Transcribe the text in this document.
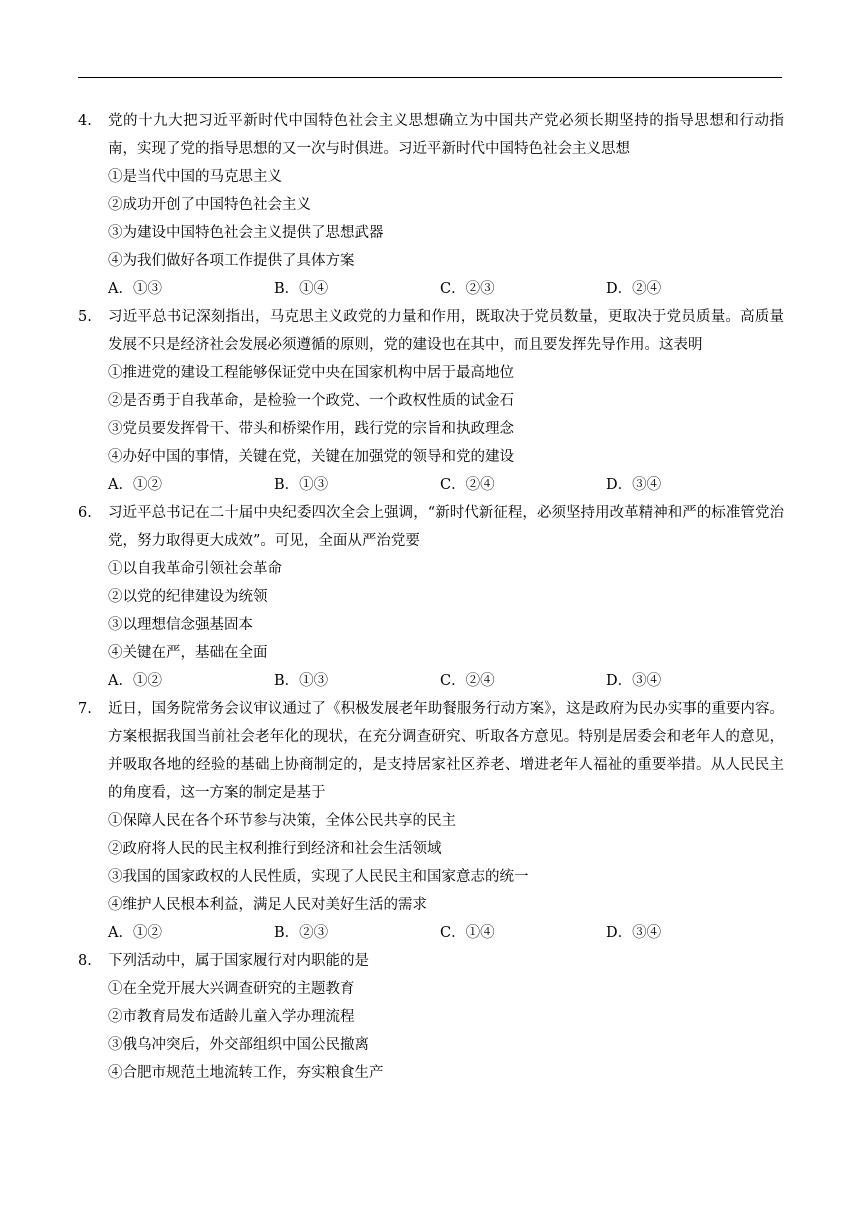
4. 党的十九大把习近平新时代中国特色社会主义思想确立为中国共产党必须长期坚持的指导思想和行动指南，实现了党的指导思想的又一次与时俱进。习近平新时代中国特色社会主义思想

①是当代中国的马克思主义

②成功开创了中国特色社会主义

③为建设中国特色社会主义提供了思想武器

④为我们做好各项工作提供了具体方案

A．①③	B．①④	C．②③	D．②④

5. 习近平总书记深刻指出，马克思主义政党的力量和作用，既取决于党员数量，更取决于党员质量。高质量发展不只是经济社会发展必须遵循的原则，党的建设也在其中，而且要发挥先导作用。这表明

①推进党的建设工程能够保证党中央在国家机构中居于最高地位

②是否勇于自我革命，是检验一个政党、一个政权性质的试金石

③党员要发挥骨干、带头和桥梁作用，践行党的宗旨和执政理念

④办好中国的事情，关键在党，关键在加强党的领导和党的建设

A．①②	B．①③	C．②④	D．③④

6. 习近平总书记在二十届中央纪委四次全会上强调，“新时代新征程，必须坚持用改革精神和严的标准管党治党，努力取得更大成效”。可见，全面从严治党要

①以自我革命引领社会革命

②以党的纪律建设为统领

③以理想信念强基固本

④关键在严，基础在全面

A．①②	B．①③	C．②④	D．③④

7. 近日，国务院常务会议审议通过了《积极发展老年助餐服务行动方案》，这是政府为民办实事的重要内容。方案根据我国当前社会老年化的现状，在充分调查研究、听取各方意见。特别是居委会和老年人的意见，并吸取各地的经验的基础上协商制定的，是支持居家社区养老、增进老年人福祉的重要举措。从人民民主的角度看，这一方案的制定是基于

①保障人民在各个环节参与决策，全体公民共享的民主

②政府将人民的民主权利推行到经济和社会生活领域

③我国的国家政权的人民性质，实现了人民民主和国家意志的统一

④维护人民根本利益，满足人民对美好生活的需求

A．①②	B．②③	C．①④	D．③④

8. 下列活动中，属于国家履行对内职能的是

①在全党开展大兴调查研究的主题教育

②市教育局发布适龄儿童入学办理流程

③俄乌冲突后，外交部组织中国公民撤离

④合肥市规范土地流转工作，夯实粮食生产
